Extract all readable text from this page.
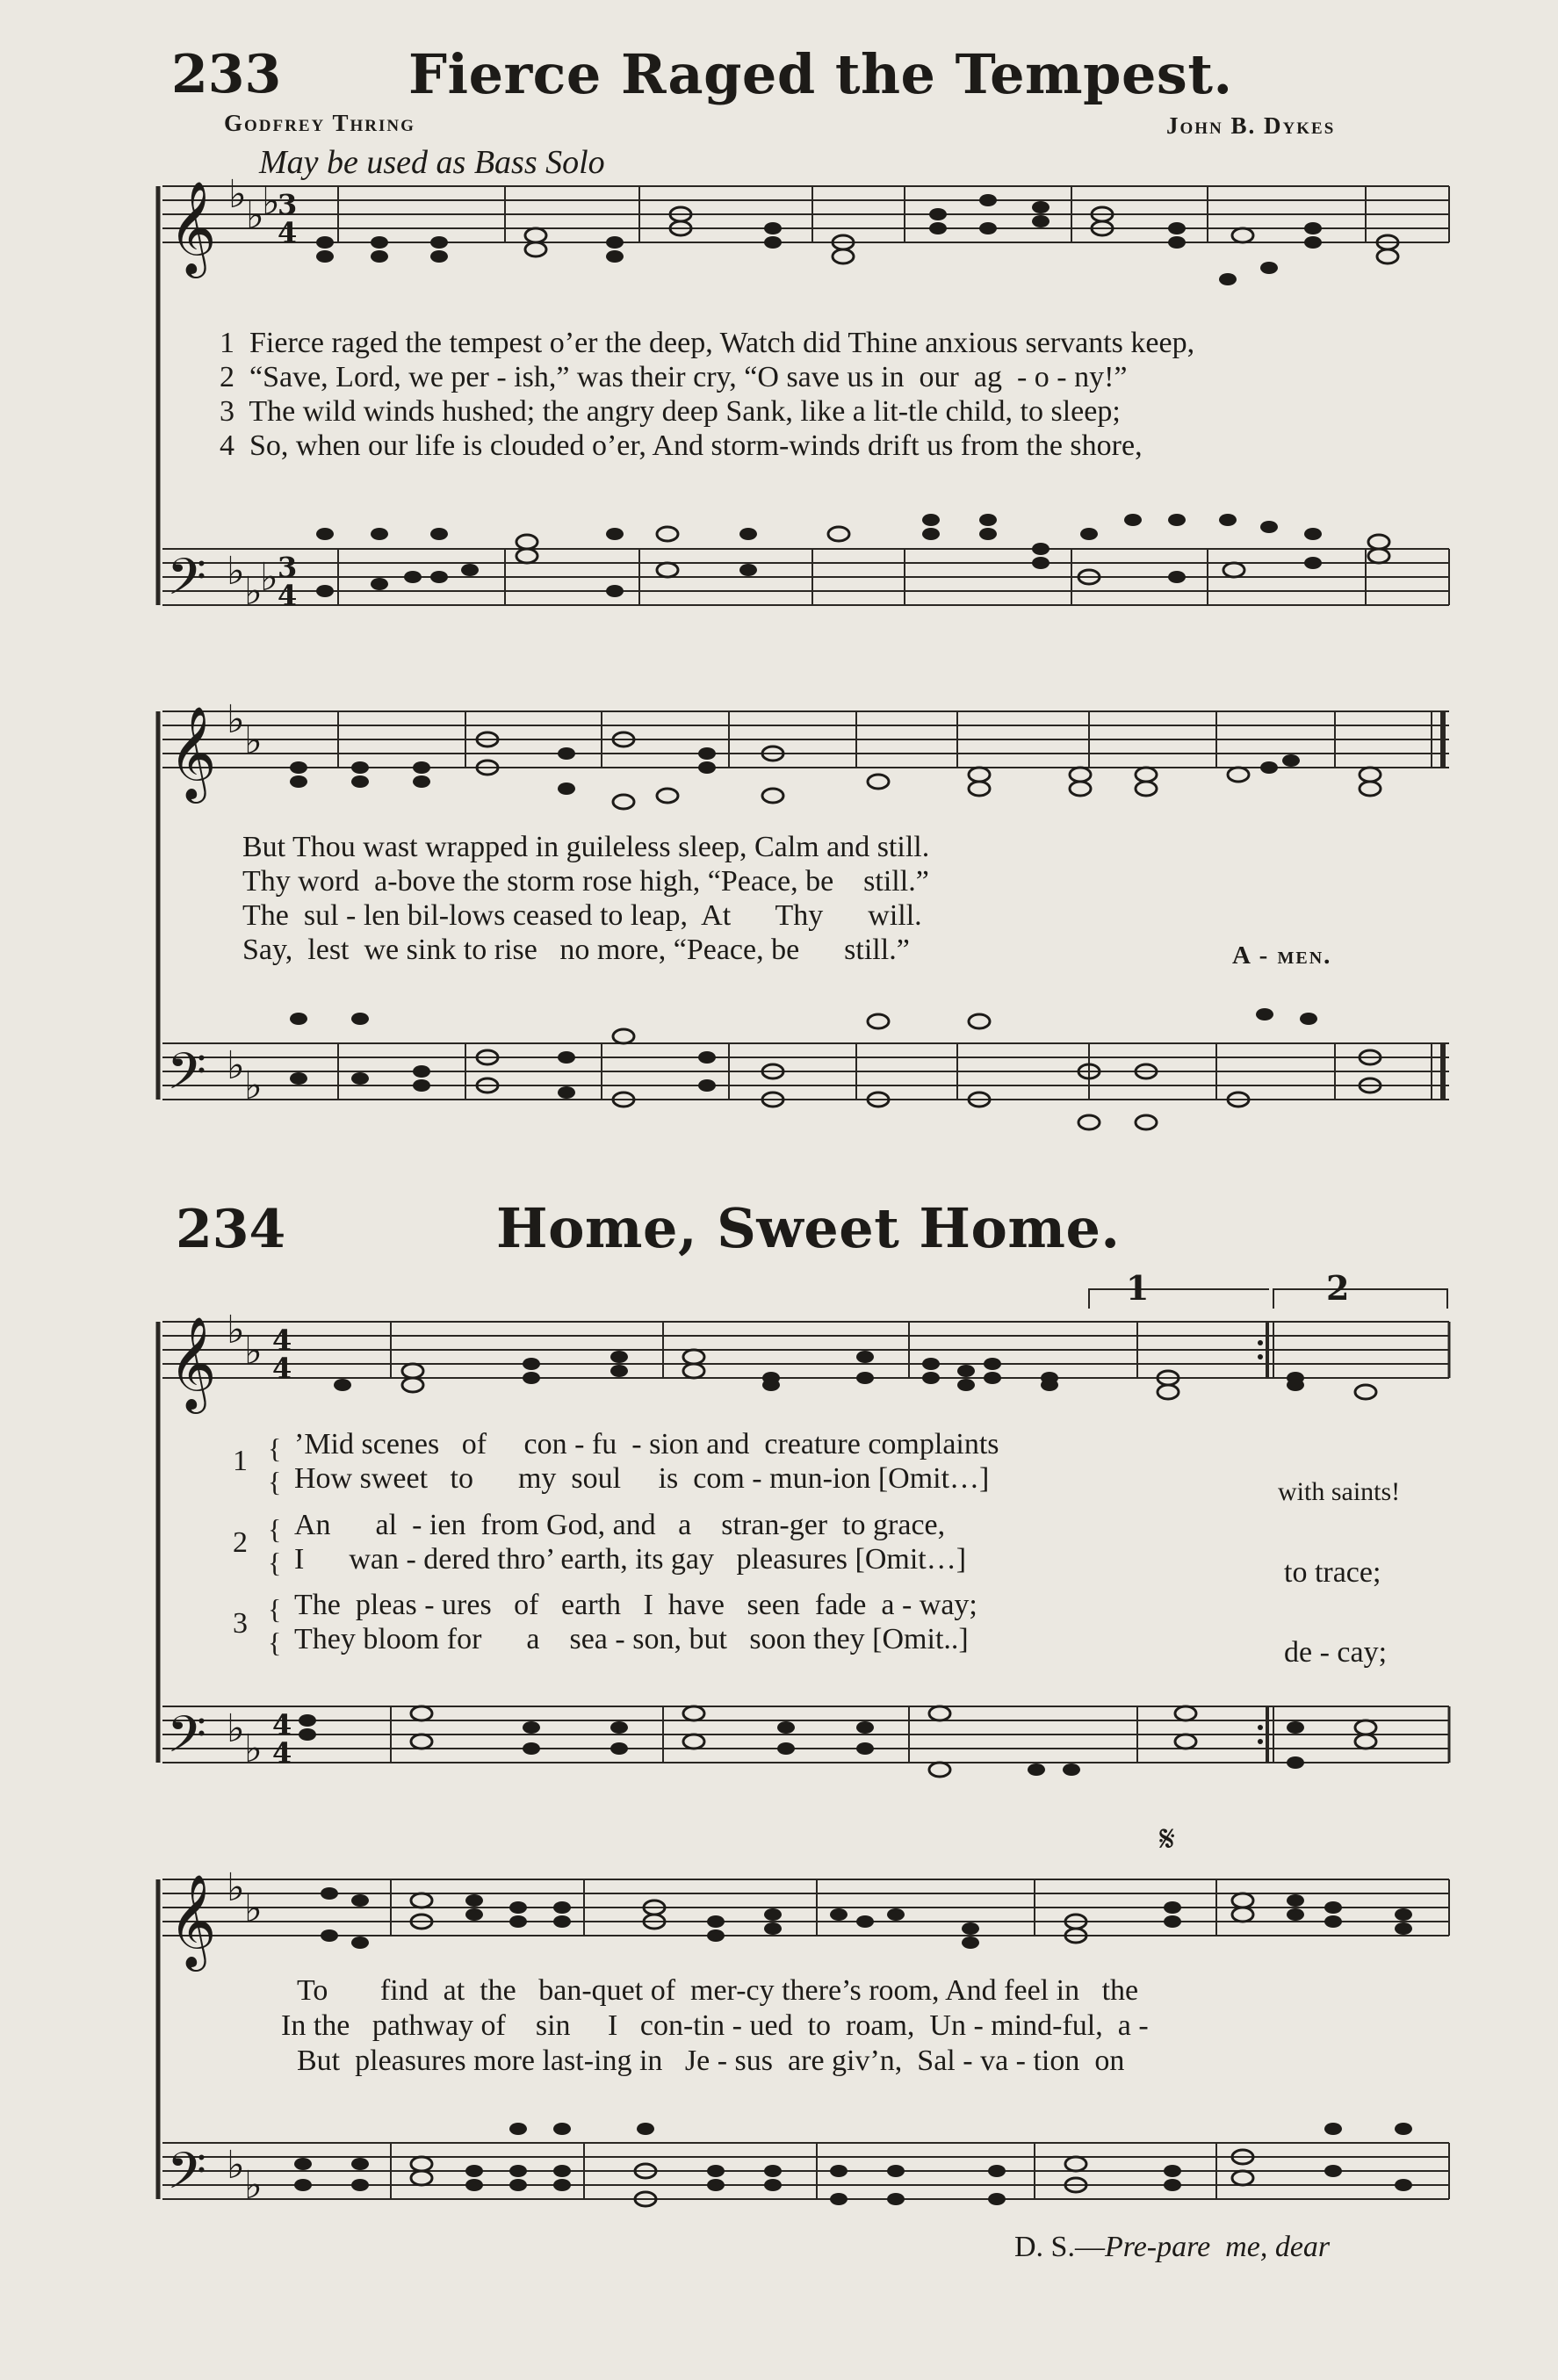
233 Fierce Raged the Tempest.
Godfrey Thring	John B. Dykes
May be used as Bass Solo
𝄞 ♭ ♭
♭
3
4
𝄢 ♭ ♭
♭ 3
4
1  Fierce raged the tempest o’er the deep, Watch did Thine anxious servants keep,
2  “Save, Lord, we per - ish,” was their cry, “O save us in  our  ag  - o - ny!”
3  The wild winds hushed; the angry deep Sank, like a lit-tle child, to sleep;
4  So, when our life is clouded o’er, And storm-winds drift us from the shore,
𝄞 ♭ ♭
𝄢 ♭ ♭
But Thou wast wrapped in guileless sleep, Calm and still.
Thy word  a-bove the storm rose high, “Peace, be    still.”
The  sul - len bil-lows ceased to leap,  At      Thy      will.
Say,  lest  we sink to rise   no more, “Peace, be      still.”	A - men.
234	Home, Sweet Home.
𝄞 ♭ ♭ 4
4
𝄢 ♭ ♭
4
4
1	2
1
’Mid scenes   of     con - fu  - sion and  creature complaints
How sweet   to      my  soul     is  com - mun-ion [Omit…]	with saints!
2
An      al  - ien  from God, and   a    stran-ger  to grace,
I      wan - dered thro’ earth, its gay   pleasures [Omit…]	to trace;
3
The  pleas - ures   of   earth   I  have   seen  fade  a - way;
They bloom for      a    sea - son, but   soon they [Omit..]	de - cay;
{
{
{
{
{
{
𝄞 ♭ ♭
𝄢 ♭ ♭
𝄋
To       find  at  the   ban-quet of  mer-cy there’s room, And feel in   the
In the   pathway of    sin     I   con-tin - ued  to  roam,  Un - mind-ful,  a -
But  pleasures more last-ing in   Je - sus  are giv’n,  Sal - va - tion  on
D. S.—Pre-pare  me, dear
